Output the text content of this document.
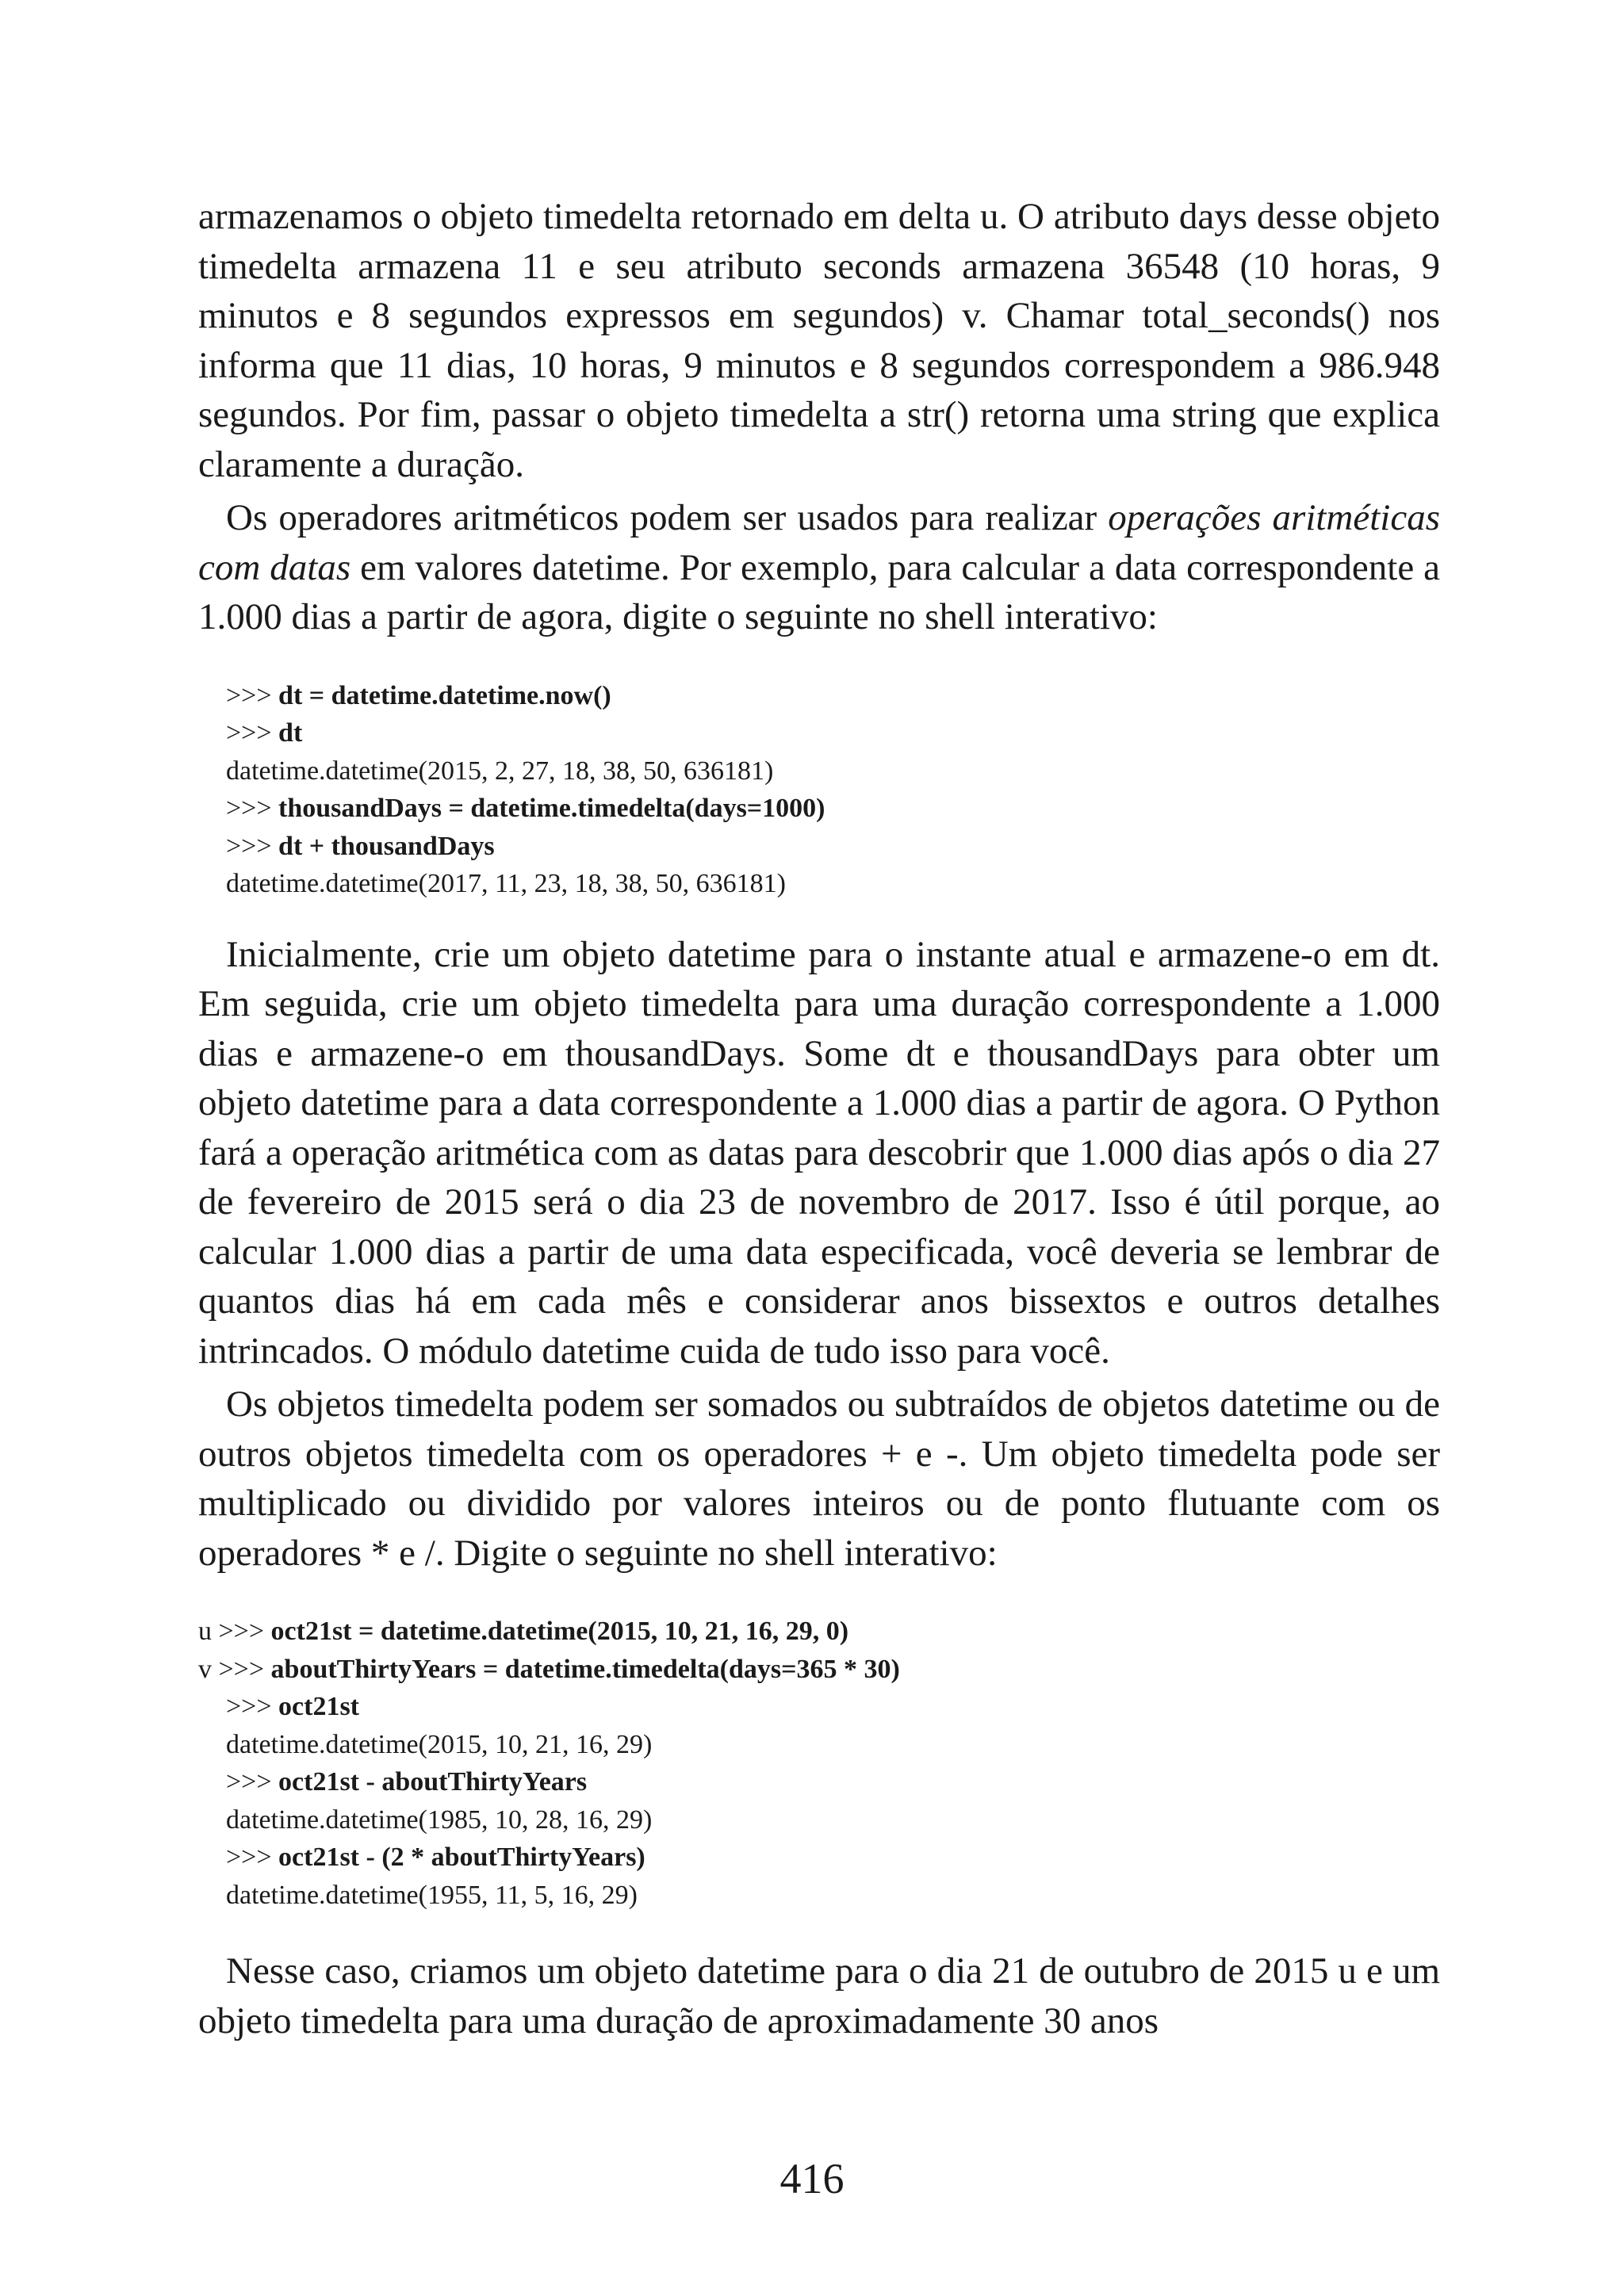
armazenamos o objeto timedelta retornado em delta u. O atributo days desse objeto timedelta armazena 11 e seu atributo seconds armazena 36548 (10 horas, 9 minutos e 8 segundos expressos em segundos) v. Chamar total_seconds() nos informa que 11 dias, 10 horas, 9 minutos e 8 segundos correspondem a 986.948 segundos. Por fim, passar o objeto timedelta a str() retorna uma string que explica claramente a duração.

Os operadores aritméticos podem ser usados para realizar operações aritméticas com datas em valores datetime. Por exemplo, para calcular a data correspondente a 1.000 dias a partir de agora, digite o seguinte no shell interativo:

>>> dt = datetime.datetime.now()
>>> dt
datetime.datetime(2015, 2, 27, 18, 38, 50, 636181)
>>> thousandDays = datetime.timedelta(days=1000)
>>> dt + thousandDays
datetime.datetime(2017, 11, 23, 18, 38, 50, 636181)

Inicialmente, crie um objeto datetime para o instante atual e armazene-o em dt. Em seguida, crie um objeto timedelta para uma duração correspondente a 1.000 dias e armazene-o em thousandDays. Some dt e thousandDays para obter um objeto datetime para a data correspondente a 1.000 dias a partir de agora. O Python fará a operação aritmética com as datas para descobrir que 1.000 dias após o dia 27 de fevereiro de 2015 será o dia 23 de novembro de 2017. Isso é útil porque, ao calcular 1.000 dias a partir de uma data especificada, você deveria se lembrar de quantos dias há em cada mês e considerar anos bissextos e outros detalhes intrincados. O módulo datetime cuida de tudo isso para você.

Os objetos timedelta podem ser somados ou subtraídos de objetos datetime ou de outros objetos timedelta com os operadores + e -. Um objeto timedelta pode ser multiplicado ou dividido por valores inteiros ou de ponto flutuante com os operadores * e /. Digite o seguinte no shell interativo:

u >>> oct21st = datetime.datetime(2015, 10, 21, 16, 29, 0)
v >>> aboutThirtyYears = datetime.timedelta(days=365 * 30)
>>> oct21st
datetime.datetime(2015, 10, 21, 16, 29)
>>> oct21st - aboutThirtyYears
datetime.datetime(1985, 10, 28, 16, 29)
>>> oct21st - (2 * aboutThirtyYears)
datetime.datetime(1955, 11, 5, 16, 29)

Nesse caso, criamos um objeto datetime para o dia 21 de outubro de 2015 u e um objeto timedelta para uma duração de aproximadamente 30 anos

416
